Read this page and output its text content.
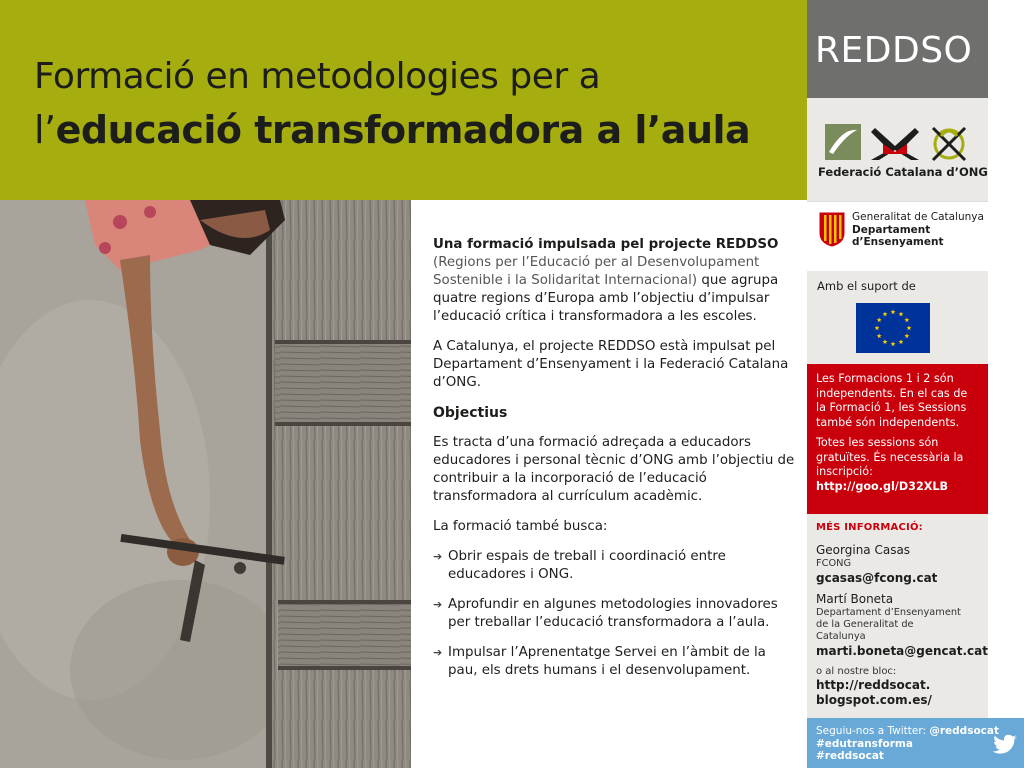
Formació en metodologies per a
l’educació transformadora a l’aula

Una formació impulsada pel projecte REDDSO (Regions per l’Educació per al Desenvolupament Sostenible i la Solidaritat Internacional) que agrupa quatre regions d’Europa amb l’objectiu d’impulsar l’educació crítica i transformadora a les escoles.

A Catalunya, el projecte REDDSO està impulsat pel Departament d’Ensenyament i la Federació Catalana d’ONG.

Objectius

Es tracta d’una formació adreçada a educadors educadores i personal tècnic d’ONG amb l’objectiu de contribuir a la incorporació de l’educació transformadora al currículum acadèmic.

La formació també busca:

➔ Obrir espais de treball i coordinació entre educadores i ONG.
➔ Aprofundir en algunes metodologies innovadores per treballar l’educació transformadora a l’aula.
➔ Impulsar l’Aprenentatge Servei en l’àmbit de la pau, els drets humans i el desenvolupament.
REDDSO
Federació Catalana d’ONG
Generalitat de Catalunya
Departament
d’Ensenyament
Amb el suport de

Les Formacions 1 i 2 són independents. En el cas de la Formació 1, les Sessions també són independents.

Totes les sessions són gratuïtes. És necessària la inscripció:
http://goo.gl/D32XLB

MÉS INFORMACIÓ:
Georgina Casas
FCONG
gcasas@fcong.cat
Martí Boneta
Departament d’Ensenyament de la Generalitat de Catalunya
marti.boneta@gencat.cat
o al nostre bloc:
http://reddsocat. blogspot.com.es/
Seguiu-nos a Twitter: @reddsocat
#edutransforma
#reddsocat
